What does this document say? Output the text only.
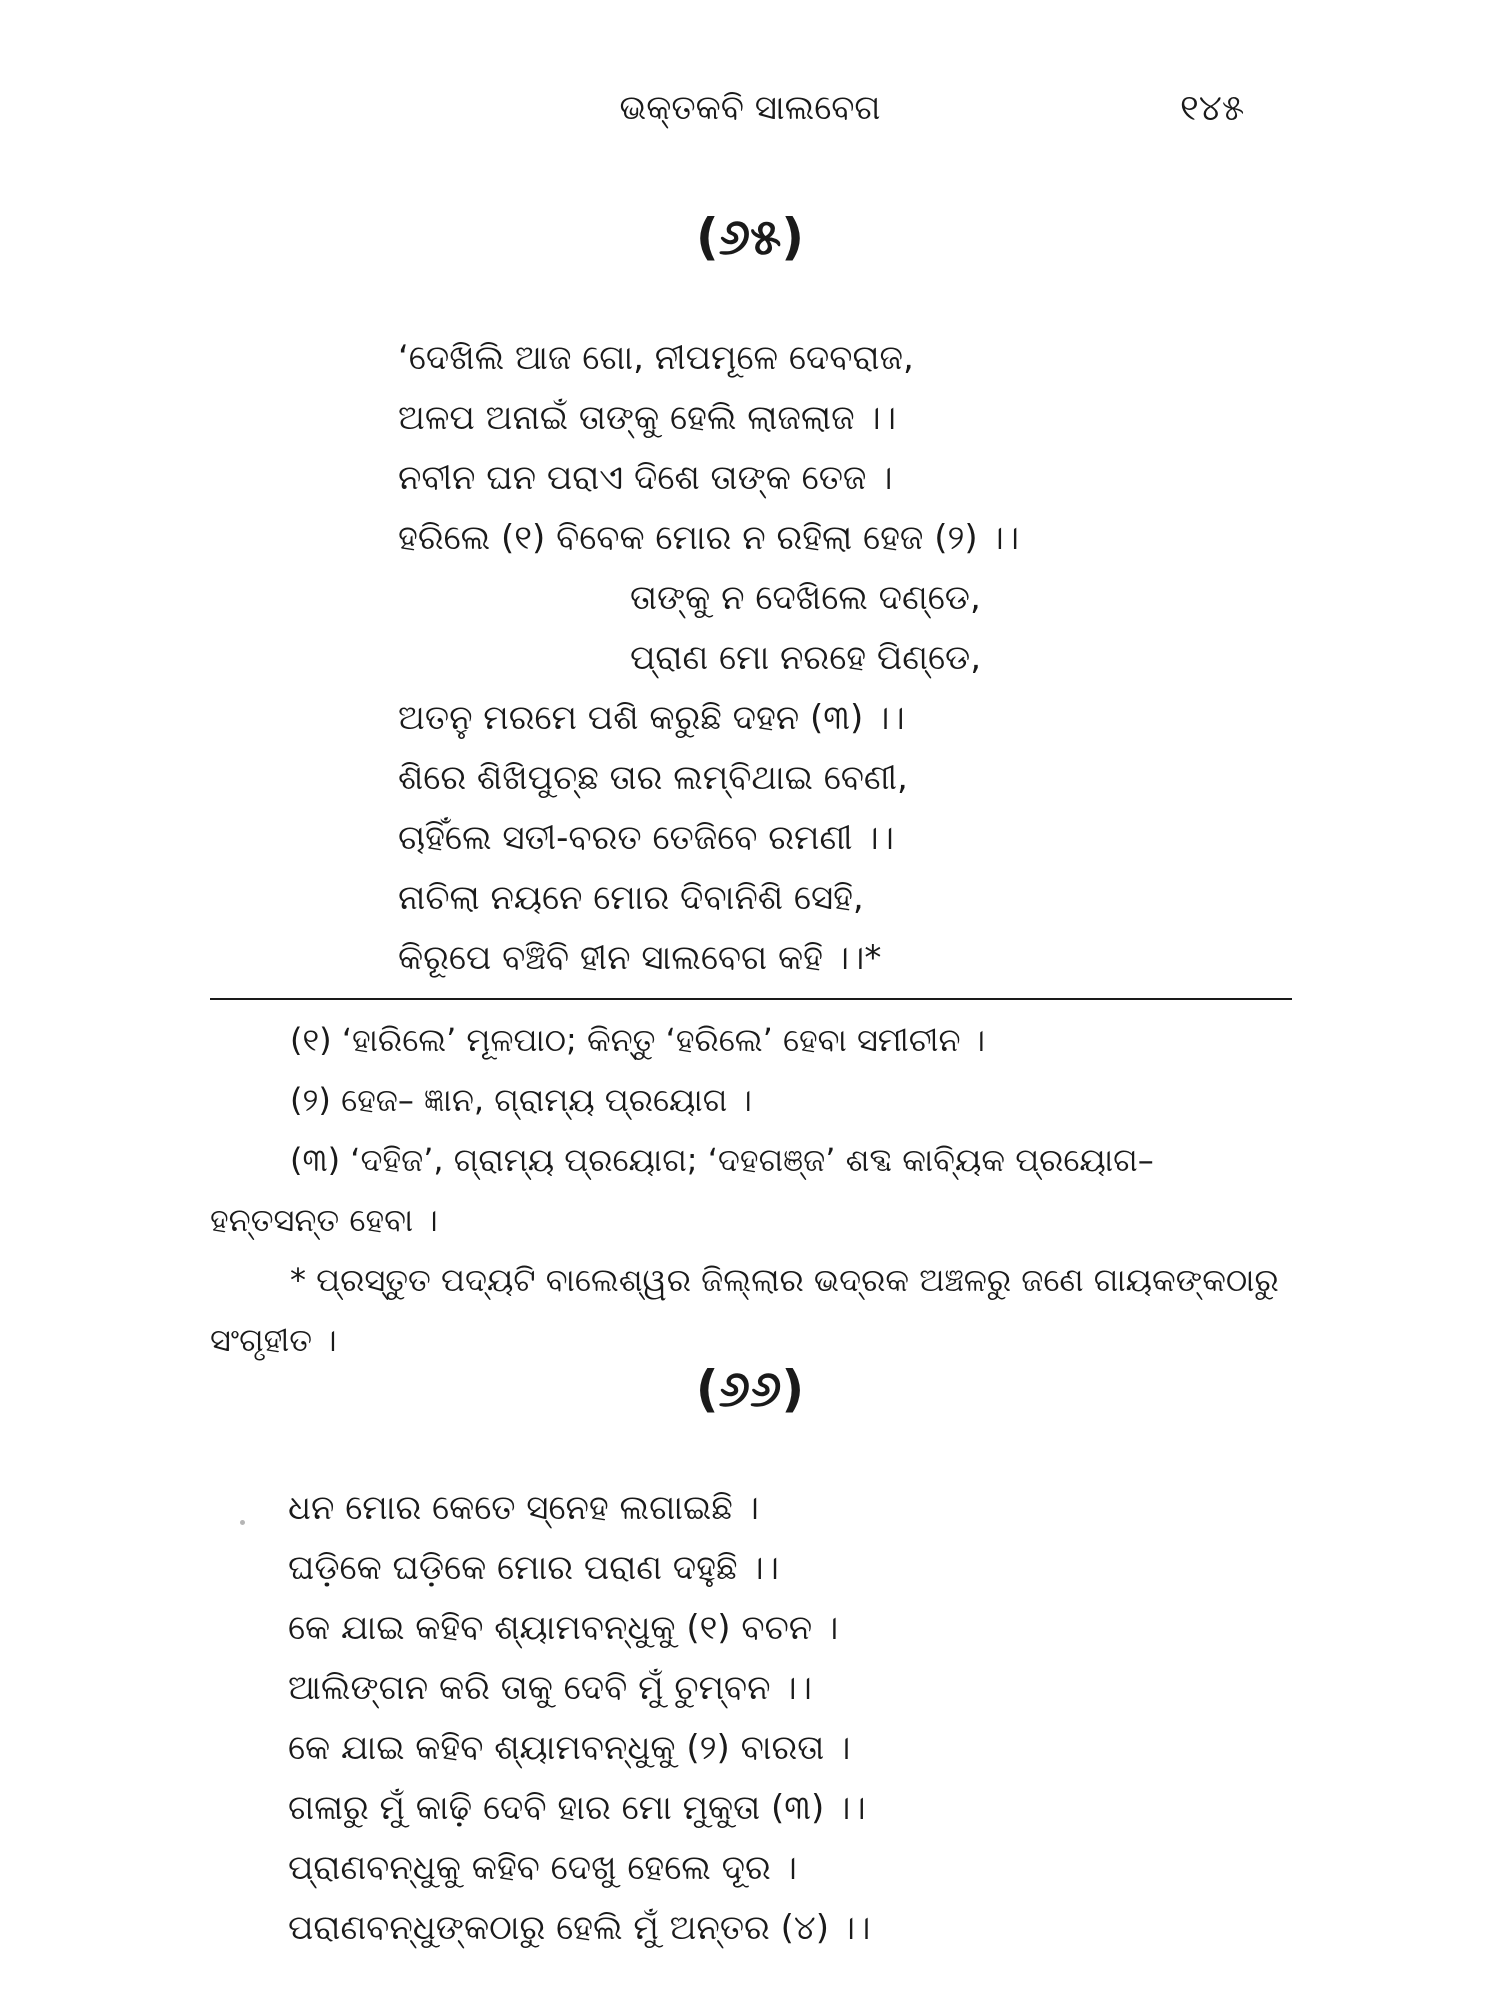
ଭକ୍ତକବି ସାଲବେଗ	୧୪୫
(୬୫)
‘ଦେଖିଲି ଆଜ ଗୋ, ନୀପମୂଳେ ଦେବରାଜ,
ଅଳପ ଅନାଇଁ ତାଙ୍କୁ ହେଲି ଲାଜଲାଜ ।।
ନବୀନ ଘନ ପରାଏ ଦିଶେ ତାଙ୍କ ତେଜ ।
ହରିଲେ (୧) ବିବେକ ମୋର ନ ରହିଲା ହେଜ (୨) ।।
ତାଙ୍କୁ ନ ଦେଖିଲେ ଦଣ୍ଡେ,
ପ୍ରାଣ ମୋ ନରହେ ପିଣ୍ଡେ,
ଅତନୁ ମରମେ ପଶି କରୁଛି ଦହନ (୩) ।।
ଶିରେ ଶିଖିପୁଚ୍ଛ ତାର ଲମ୍ବିଥାଇ ବେଣୀ,
ଚାହିଁଲେ ସତୀ-ବରତ ତେଜିବେ ରମଣୀ ।।
ନାଚିଲା ନୟନେ ମୋର ଦିବାନିଶି ସେହି,
କିରୂପେ ବଞ୍ଚିବି ହୀନ ସାଲବେଗ କହି ।।*
(୧) ‘ହାରିଲେ’ ମୂଳପାଠ; କିନ୍ତୁ ‘ହରିଲେ’ ହେବା ସମୀଚୀନ ।
(୨) ହେଜ– ଜ୍ଞାନ, ଗ୍ରାମ୍ୟ ପ୍ରୟୋଗ ।
(୩) ‘ଦହିଜ’, ଗ୍ରାମ୍ୟ ପ୍ରୟୋଗ; ‘ଦହଗଞ୍ଜ’ ଶବ୍ଦ କାବ୍ୟିକ ପ୍ରୟୋଗ– ହନ୍ତସନ୍ତ ହେବା ।
* ପ୍ରସ୍ତୁତ ପଦ୍ୟଟି ବାଲେଶ୍ୱର ଜିଲ୍ଲାର ଭଦ୍ରକ ଅଞ୍ଚଳରୁ ଜଣେ ଗାୟକଙ୍କଠାରୁ ସଂଗୃହୀତ ।
(୬୬)
ଧନ ମୋର କେତେ ସ୍ନେହ ଲଗାଇଛି ।
ଘଡ଼ିକେ ଘଡ଼ିକେ ମୋର ପରାଣ ଦହୁଛି ।।
କେ ଯାଇ କହିବ ଶ୍ୟାମବନ୍ଧୁକୁ (୧) ବଚନ ।
ଆଲିଙ୍ଗନ କରି ତାକୁ ଦେବି ମୁଁ ଚୁମ୍ବନ ।।
କେ ଯାଇ କହିବ ଶ୍ୟାମବନ୍ଧୁକୁ (୨) ବାରତା ।
ଗଳାରୁ ମୁଁ କାଢ଼ି ଦେବି ହାର ମୋ ମୁକୁତା (୩) ।।
ପ୍ରାଣବନ୍ଧୁକୁ କହିବ ଦେଖୁ ହେଲେ ଦୂର ।
ପରାଣବନ୍ଧୁଙ୍କଠାରୁ ହେଲି ମୁଁ ଅନ୍ତର (୪) ।।
